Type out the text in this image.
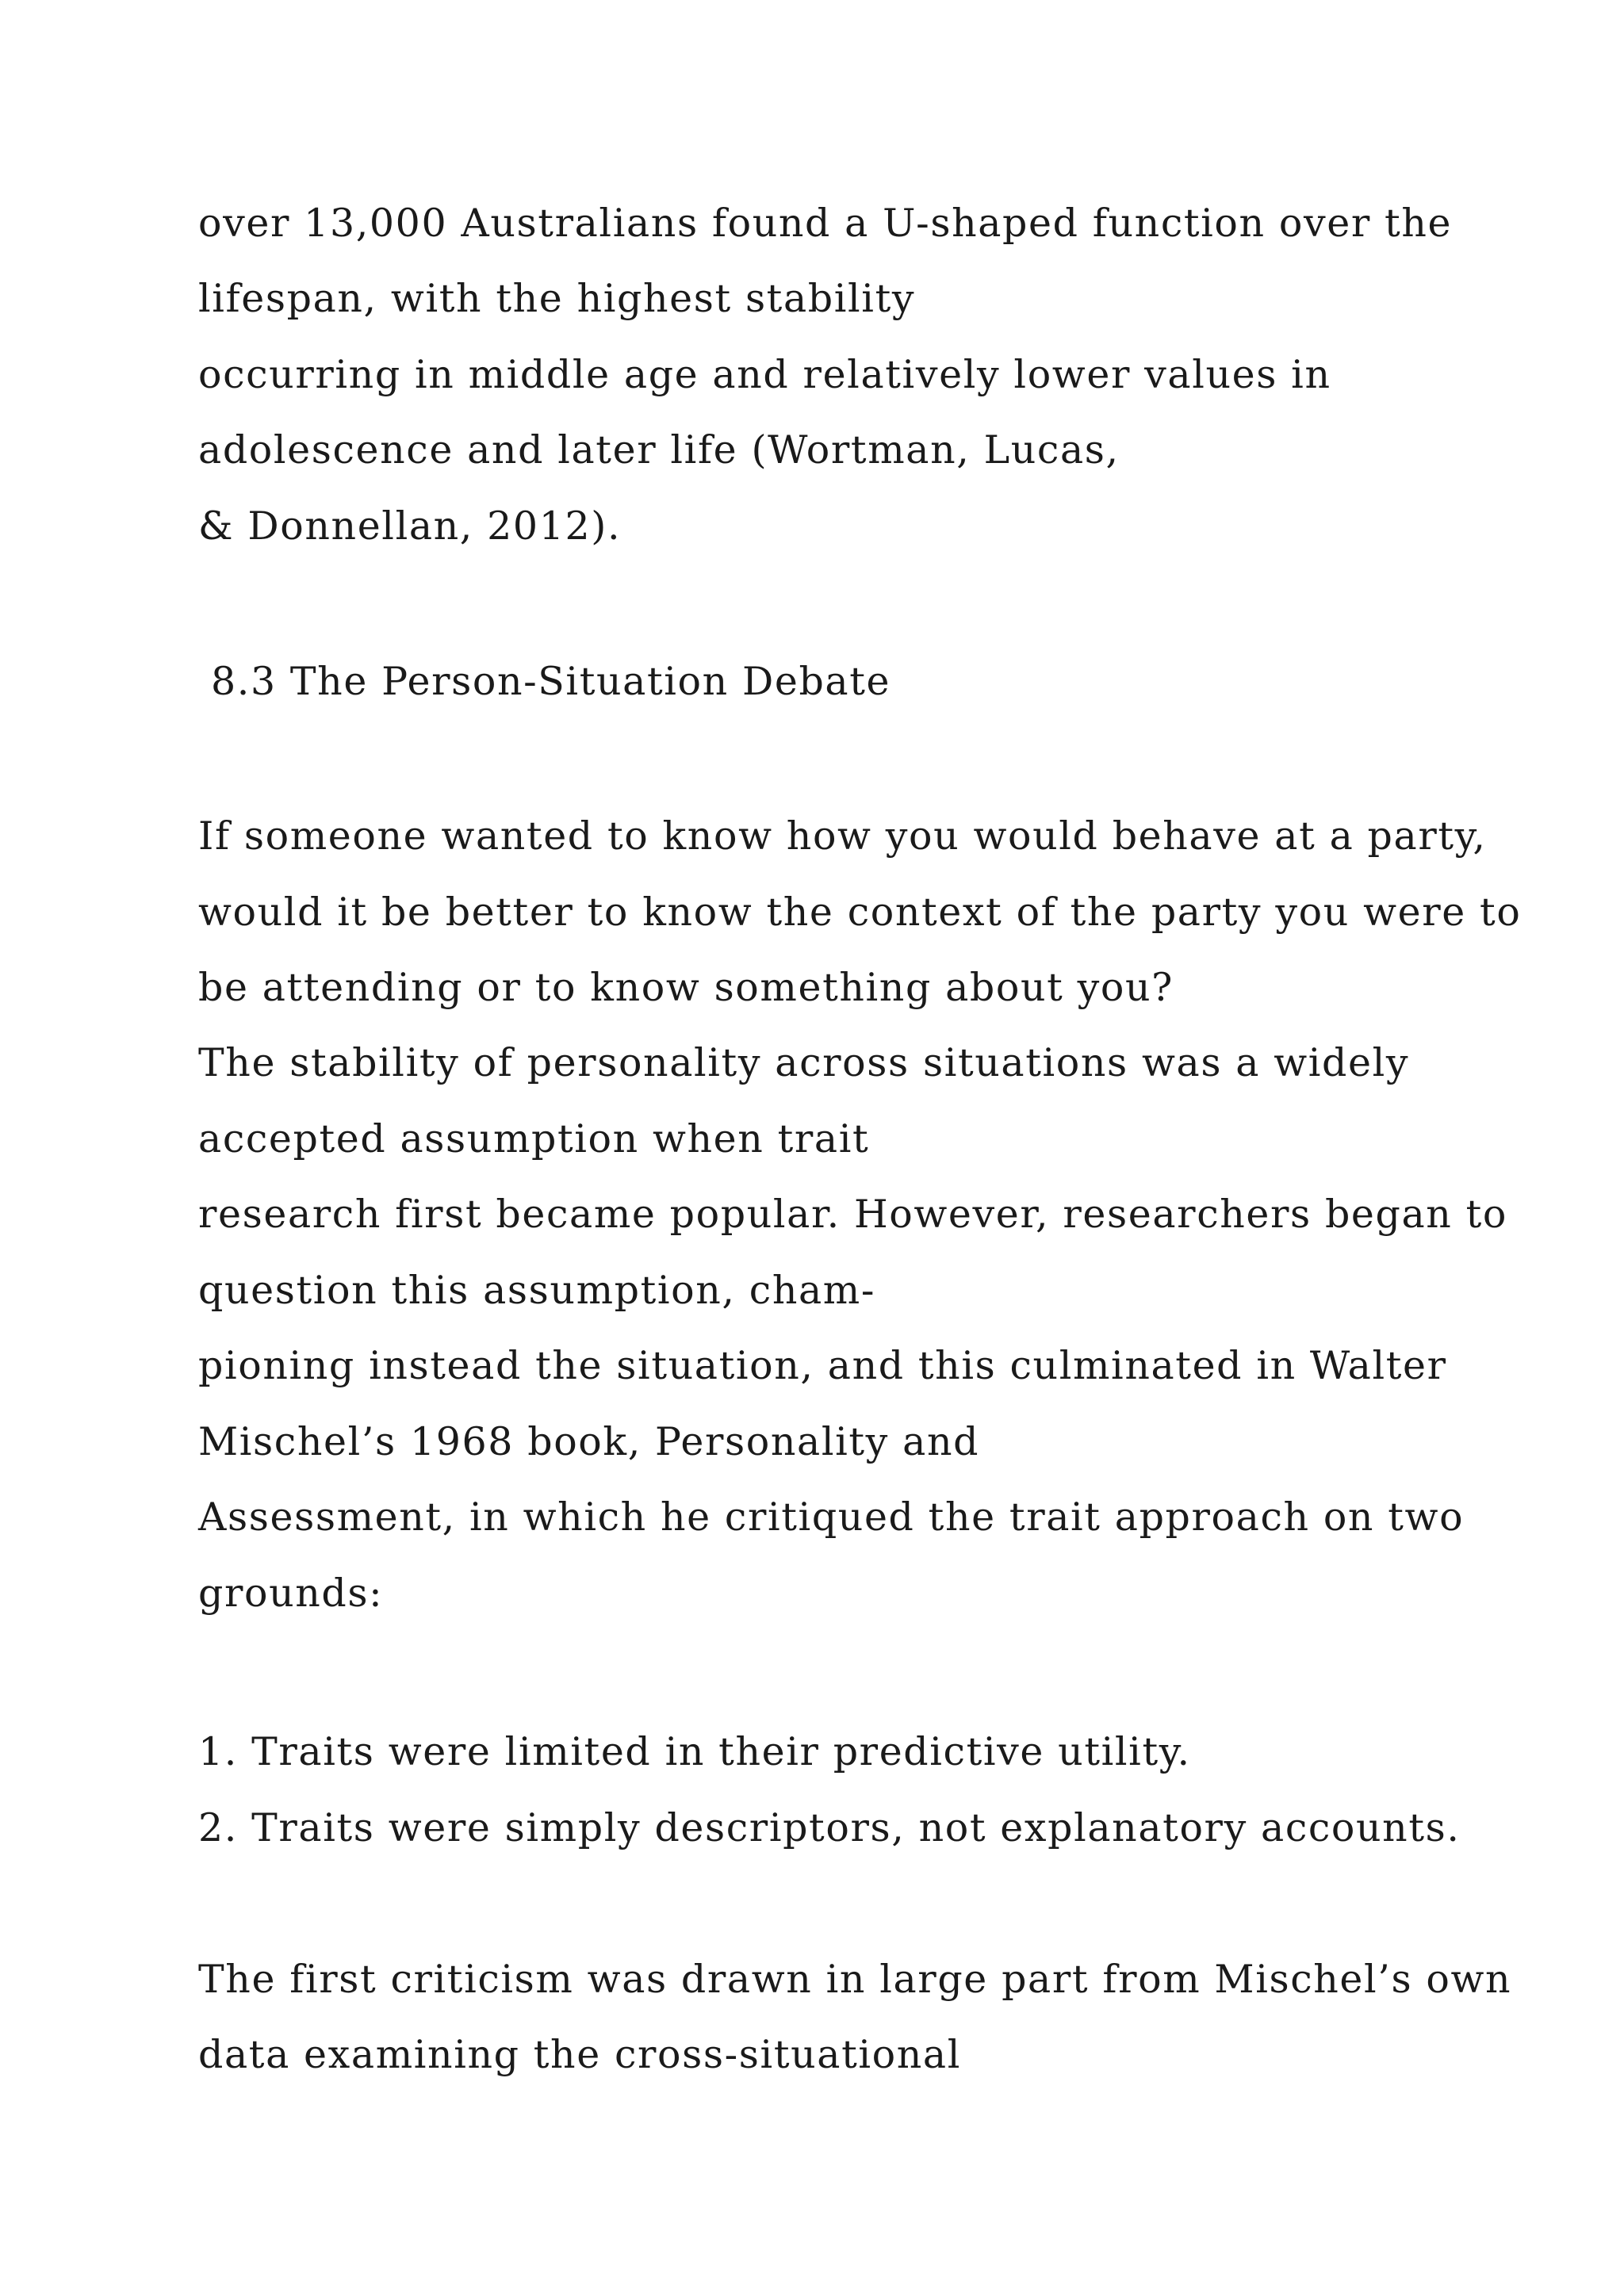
over 13,000 Australians found a U-shaped function over the

lifespan, with the highest stability

occurring in middle age and relatively lower values in

adolescence and later life (Wortman, Lucas,

& Donnellan, 2012).

8.3 The Person-Situation Debate

If someone wanted to know how you would behave at a party,

would it be better to know the context of the party you were to

be attending or to know something about you?

The stability of personality across situations was a widely

accepted assumption when trait

research first became popular. However, researchers began to

question this assumption, cham-

pioning instead the situation, and this culminated in Walter

Mischel’s 1968 book, Personality and

Assessment, in which he critiqued the trait approach on two

grounds:

1. Traits were limited in their predictive utility.

2. Traits were simply descriptors, not explanatory accounts.

The first criticism was drawn in large part from Mischel’s own

data examining the cross-situational
